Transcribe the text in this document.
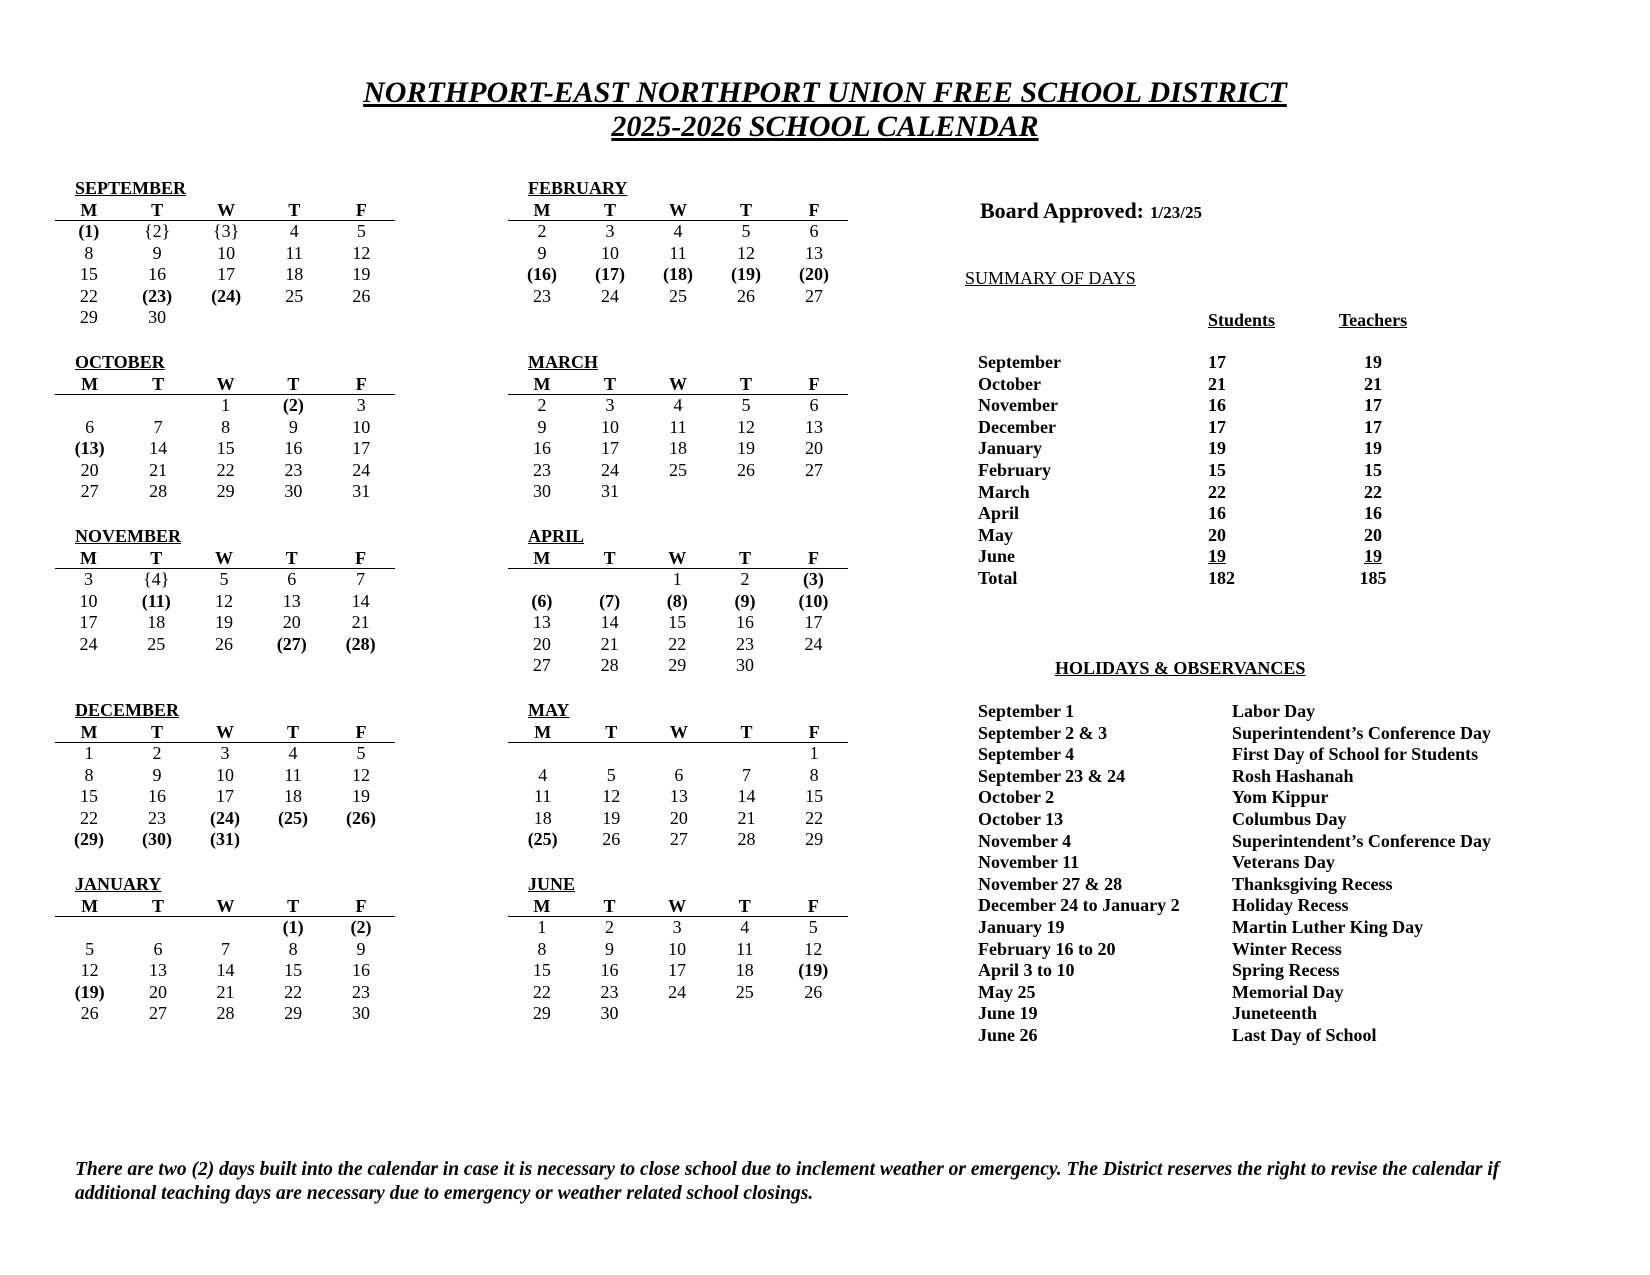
NORTHPORT-EAST NORTHPORT UNION FREE SCHOOL DISTRICT
2025-2026 SCHOOL CALENDAR
SEPTEMBER
M	T	W	T	F
(1)	{2}	{3}	4	5
8	9	10	11	12
15	16	17	18	19
22	(23)	(24)	25	26
29	30			
OCTOBER
M	T	W	T	F
		1	(2)	3
6	7	8	9	10
(13)	14	15	16	17
20	21	22	23	24
27	28	29	30	31
NOVEMBER
M	T	W	T	F
3	{4}	5	6	7
10	(11)	12	13	14
17	18	19	20	21
24	25	26	(27)	(28)
DECEMBER
M	T	W	T	F
1	2	3	4	5
8	9	10	11	12
15	16	17	18	19
22	23	(24)	(25)	(26)
(29)	(30)	(31)		
JANUARY
M	T	W	T	F
			(1)	(2)
5	6	7	8	9
12	13	14	15	16
(19)	20	21	22	23
26	27	28	29	30
FEBRUARY
M	T	W	T	F
2	3	4	5	6
9	10	11	12	13
(16)	(17)	(18)	(19)	(20)
23	24	25	26	27
MARCH
M	T	W	T	F
2	3	4	5	6
9	10	11	12	13
16	17	18	19	20
23	24	25	26	27
30	31			
APRIL
M	T	W	T	F
		1	2	(3)
(6)	(7)	(8)	(9)	(10)
13	14	15	16	17
20	21	22	23	24
27	28	29	30	
MAY
M	T	W	T	F
				1
4	5	6	7	8
11	12	13	14	15
18	19	20	21	22
(25)	26	27	28	29
JUNE
M	T	W	T	F
1	2	3	4	5
8	9	10	11	12
15	16	17	18	(19)
22	23	24	25	26
29	30			
Board Approved: 1/23/25
SUMMARY OF DAYS
	Students	Teachers

September	17	19
October	21	21
November	16	17
December	17	17
January	19	19
February	15	15
March	22	22
April	16	16
May	20	20
June	19	19
Total	182	185
HOLIDAYS & OBSERVANCES
September 1	Labor Day
September 2 & 3	Superintendent’s Conference Day
September 4	First Day of School for Students
September 23 & 24	Rosh Hashanah
October 2	Yom Kippur
October 13	Columbus Day
November 4	Superintendent’s Conference Day
November 11	Veterans Day
November 27 & 28	Thanksgiving Recess
December 24 to January 2	Holiday Recess
January 19	Martin Luther King Day
February 16 to 20	Winter Recess
April 3 to 10	Spring Recess
May 25	Memorial Day
June 19	Juneteenth
June 26	Last Day of School
There are two (2) days built into the calendar in case it is necessary to close school due to inclement weather or emergency. The District reserves the right to revise the calendar if additional teaching days are necessary due to emergency or weather related school closings.
